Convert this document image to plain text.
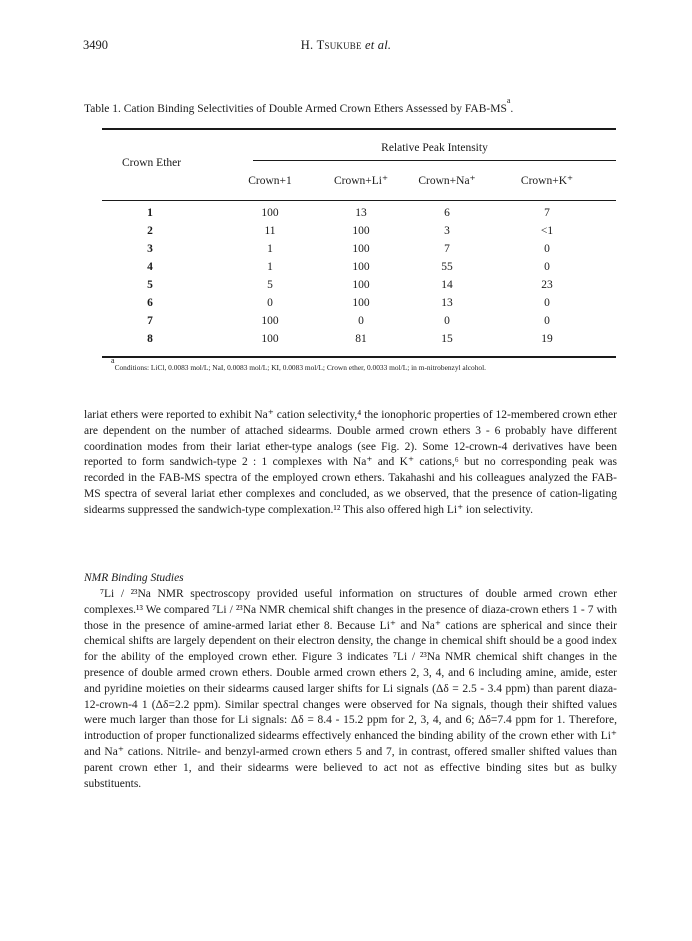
3490	H. Tsukube et al.
Table 1. Cation Binding Selectivities of Double Armed Crown Ethers Assessed by FAB-$MS^a$.
Relative Peak Intensity
Crown Ether
Crown+1	Crown+Li⁺	Crown+Na⁺	Crown+K⁺
1	100	13	6	7
2	11	100	3	<1
3	1	100	7	0
4	1	100	55	0
5	5	100	14	23
6	0	100	13	0
7	100	0	0	0
8	100	81	15	19
$^a$Conditions: LiCl, 0.0083 mol/L; NaI, 0.0083 mol/L; KI, 0.0083 mol/L; Crown ether, 0.0033 mol/L; in m-nitrobenzyl alcohol.
lariat ethers were reported to exhibit Na⁺ cation selectivity,⁴ the ionophoric properties of 12-membered crown ether are dependent on the number of attached sidearms. Double armed crown ethers 3 - 6 probably have different coordination modes from their lariat ether-type analogs (see Fig. 2). Some 12-crown-4 derivatives have been reported to form sandwich-type 2 : 1 complexes with Na⁺ and K⁺ cations,⁶ but no corresponding peak was recorded in the FAB-MS spectra of the employed crown ethers. Takahashi and his colleagues analyzed the FAB-MS spectra of several lariat ether complexes and concluded, as we observed, that the presence of cation-ligating sidearms suppressed the sandwich-type complexation.¹² This also offered high Li⁺ ion selectivity.
NMR Binding Studies
⁷Li / ²³Na NMR spectroscopy provided useful information on structures of double armed crown ether complexes.¹³ We compared ⁷Li / ²³Na NMR chemical shift changes in the presence of diaza-crown ethers 1 - 7 with those in the presence of amine-armed lariat ether 8. Because Li⁺ and Na⁺ cations are spherical and since their chemical shifts are largely dependent on their electron density, the change in chemical shift should be a good index for the ability of the employed crown ether. Figure 3 indicates ⁷Li / ²³Na NMR chemical shift changes in the presence of double armed crown ethers. Double armed crown ethers 2, 3, 4, and 6 including amine, amide, ester and pyridine moieties on their sidearms caused larger shifts for Li signals (Δδ = 2.5 - 3.4 ppm) than parent diaza-12-crown-4 1 (Δδ=2.2 ppm). Similar spectral changes were observed for Na signals, though their shifted values were much larger than those for Li signals: Δδ = 8.4 - 15.2 ppm for 2, 3, 4, and 6; Δδ=7.4 ppm for 1. Therefore, introduction of proper functionalized sidearms effectively enhanced the binding ability of the crown ether with Li⁺ and Na⁺ cations. Nitrile- and benzyl-armed crown ethers 5 and 7, in contrast, offered smaller shifted values than parent crown ether 1, and their sidearms were believed to act not as effective binding sites but as bulky substituents.
